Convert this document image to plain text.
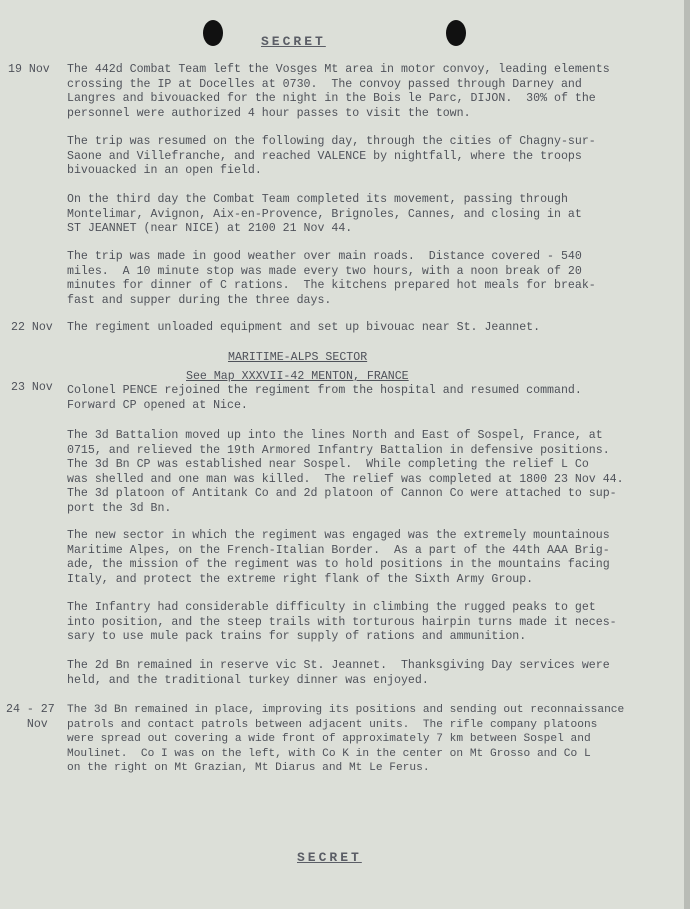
SECRET
19 Nov The 442d Combat Team left the Vosges Mt area in motor convoy, leading elements
crossing the IP at Docelles at 0730.  The convoy passed through Darney and
Langres and bivouacked for the night in the Bois le Parc, DIJON.  30% of the
personnel were authorized 4 hour passes to visit the town.
The trip was resumed on the following day, through the cities of Chagny-sur-
Saone and Villefranche, and reached VALENCE by nightfall, where the troops
bivouacked in an open field.
On the third day the Combat Team completed its movement, passing through
Montelimar, Avignon, Aix-en-Provence, Brignoles, Cannes, and closing in at
ST JEANNET (near NICE) at 2100 21 Nov 44.
The trip was made in good weather over main roads.  Distance covered - 540
miles.  A 10 minute stop was made every two hours, with a noon break of 20
minutes for dinner of C rations.  The kitchens prepared hot meals for break-
fast and supper during the three days.
22 Nov The regiment unloaded equipment and set up bivouac near St. Jeannet.
MARITIME-ALPS SECTOR
See Map XXXVII-42 MENTON, FRANCE
23 Nov Colonel PENCE rejoined the regiment from the hospital and resumed command.
Forward CP opened at Nice.
The 3d Battalion moved up into the lines North and East of Sospel, France, at
0715, and relieved the 19th Armored Infantry Battalion in defensive positions.
The 3d Bn CP was established near Sospel.  While completing the relief L Co
was shelled and one man was killed.  The relief was completed at 1800 23 Nov 44.
The 3d platoon of Antitank Co and 2d platoon of Cannon Co were attached to sup-
port the 3d Bn.
The new sector in which the regiment was engaged was the extremely mountainous
Maritime Alpes, on the French-Italian Border.  As a part of the 44th AAA Brig-
ade, the mission of the regiment was to hold positions in the mountains facing
Italy, and protect the extreme right flank of the Sixth Army Group.
The Infantry had considerable difficulty in climbing the rugged peaks to get
into position, and the steep trails with torturous hairpin turns made it neces-
sary to use mule pack trains for supply of rations and ammunition.
The 2d Bn remained in reserve vic St. Jeannet.  Thanksgiving Day services were
held, and the traditional turkey dinner was enjoyed.
24 - 27
Nov
The 3d Bn remained in place, improving its positions and sending out reconnaissance
patrols and contact patrols between adjacent units.  The rifle company platoons
were spread out covering a wide front of approximately 7 km between Sospel and
Moulinet.  Co I was on the left, with Co K in the center on Mt Grosso and Co L
on the right on Mt Grazian, Mt Diarus and Mt Le Ferus.
SECRET
